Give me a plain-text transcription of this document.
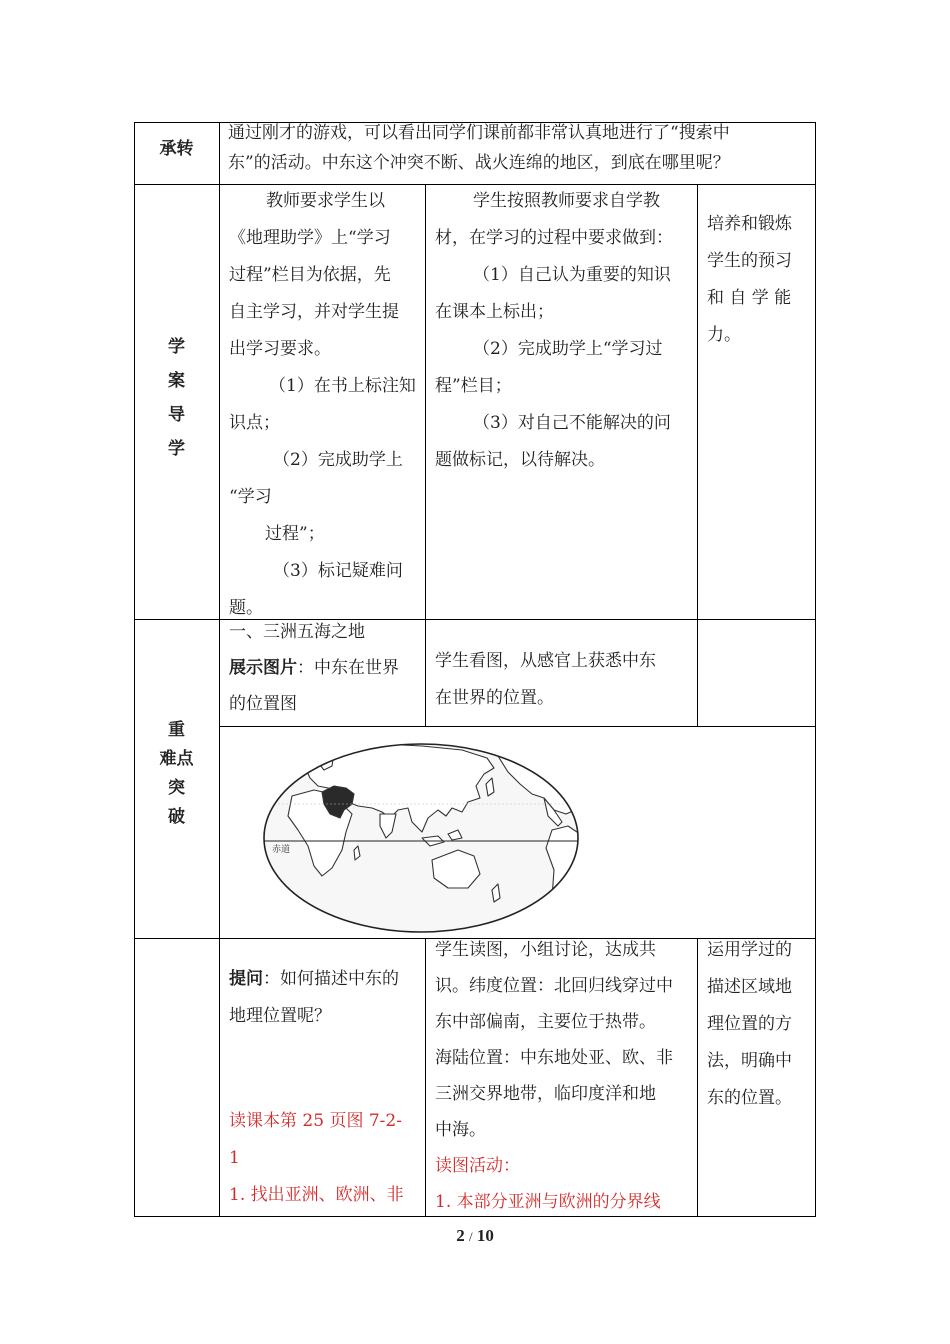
承转

通过刚才的游戏，可以看出同学们课前都非常认真地进行了“搜索中

东”的活动。中东这个冲突不断、战火连绵的地区，到底在哪里呢？

学

案

导

学

教师要求学生以

《地理助学》上“学习

过程”栏目为依据，先

自主学习，并对学生提

出学习要求。

（1）在书上标注知

识点；

（2）完成助学上

“学习

过程”；

（3）标记疑难问

题。

学生按照教师要求自学教

材，在学习的过程中要求做到：

（1）自己认为重要的知识

在课本上标出；

（2）完成助学上“学习过

程”栏目；

（3）对自己不能解决的问

题做标记，以待解决。

培养和锻炼

学生的预习

和 自 学 能

力。

重

难点

突

破

一、三洲五海之地

展示图片：中东在世界

的位置图

学生看图，从感官上获悉中东

在世界的位置。

赤道

提问：如何描述中东的

地理位置呢？

读课本第 25 页图 7-2-

1

1. 找出亚洲、欧洲、非

学生读图，小组讨论，达成共

识。纬度位置：北回归线穿过中

东中部偏南，主要位于热带。

海陆位置：中东地处亚、欧、非

三洲交界地带，临印度洋和地

中海。

读图活动：

1. 本部分亚洲与欧洲的分界线

运用学过的

描述区域地

理位置的方

法，明确中

东的位置。

2 / 10
